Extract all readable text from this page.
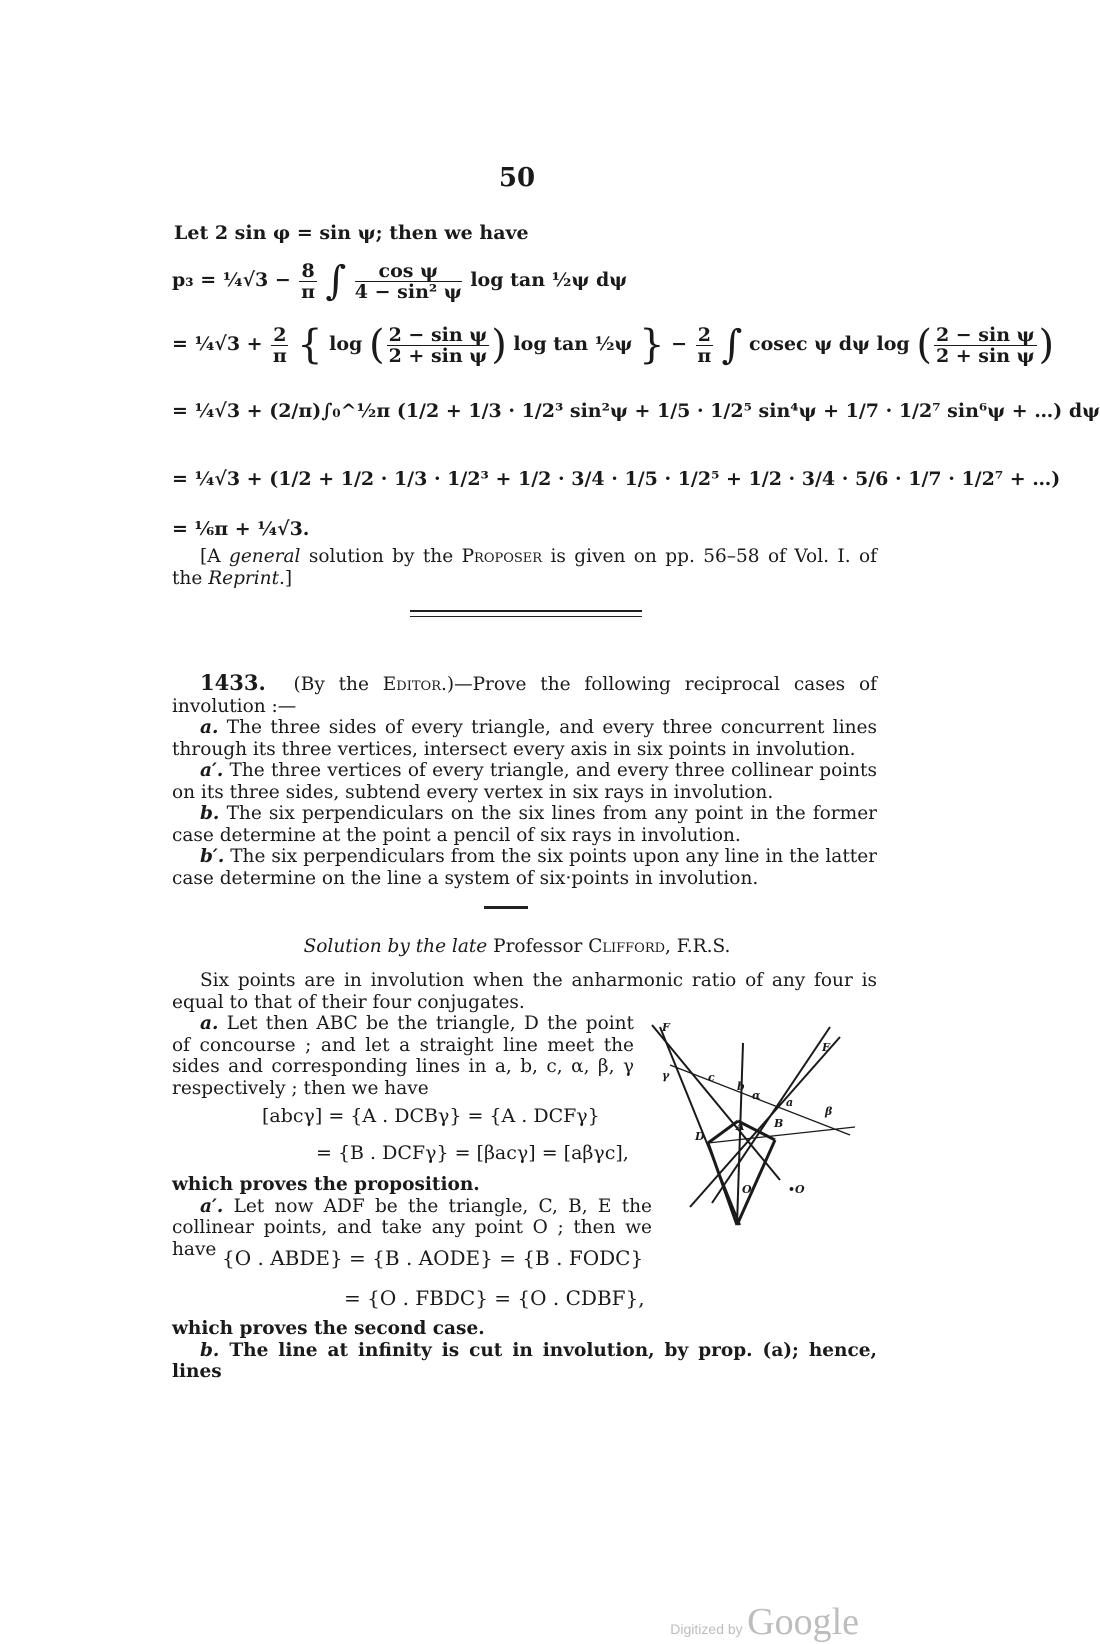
50
Let 2 sin φ = sin ψ; then we have
p₃ = ¼√3 − $\frac{8}{\pi}$ ∫ $\frac{\text{cos ψ}}{\text{4 − sin² ψ}}$ log tan ½ψ dψ
= ¼√3 + $\frac{2}{\pi}$ { log ( $\frac{\text{2 − sin ψ}}{\text{2 + sin ψ}}$ ) log tan ½ψ } − $\frac{2}{\pi}$ ∫ cosec ψ dψ log ( $\frac{\text{2 − sin ψ}}{\text{2 + sin ψ}}$ )
= ¼√3 + (2/π)∫₀^½π (1/2 + 1/3 · 1/2³ sin²ψ + 1/5 · 1/2⁵ sin⁴ψ + 1/7 · 1/2⁷ sin⁶ψ + …) dψ
= ¼√3 + (1/2 + 1/2 · 1/3 · 1/2³ + 1/2 · 3/4 · 1/5 · 1/2⁵ + 1/2 · 3/4 · 5/6 · 1/7 · 1/2⁷ + …)
= ⅙π + ¼√3.

[A general solution by the Proposer is given on pp. 56–58 of Vol. I. of the Reprint.]

1433. (By the Editor.)—Prove the following reciprocal cases of involution :—

a. The three sides of every triangle, and every three concurrent lines through its three vertices, intersect every axis in six points in involution.

a′. The three vertices of every triangle, and every three collinear points on its three sides, subtend every vertex in six rays in involution.

b. The six perpendiculars on the six lines from any point in the former case determine at the point a pencil of six rays in involution.

b′. The six perpendiculars from the six points upon any line in the latter case determine on the line a system of six·points in involution.

Solution by the late Professor Clifford, F.R.S.

Six points are in involution when the anharmonic ratio of any four is equal to that of their four conjugates.

a. Let then ABC be the triangle, D the point of concourse ; and let a straight line meet the sides and corresponding lines in a, b, c, α, β, γ respectively ; then we have

[abcγ] = {A . DCBγ} = {A . DCFγ}
= {B . DCFγ} = [βacγ] = [aβγc],

which proves the proposition.

a′. Let now ADF be the triangle, C, B, E the collinear points, and take any point O ; then we have {O . ABDE} = {B . AODE} = {B . FODC}
= {O . FBDC} = {O . CDBF},

which proves the second case.

b. The line at infinity is cut in involution, by prop. (a); hence, lines

F
E
γ	c
b
α
a
A	B
D
β
O	•O
Digitized by Google
